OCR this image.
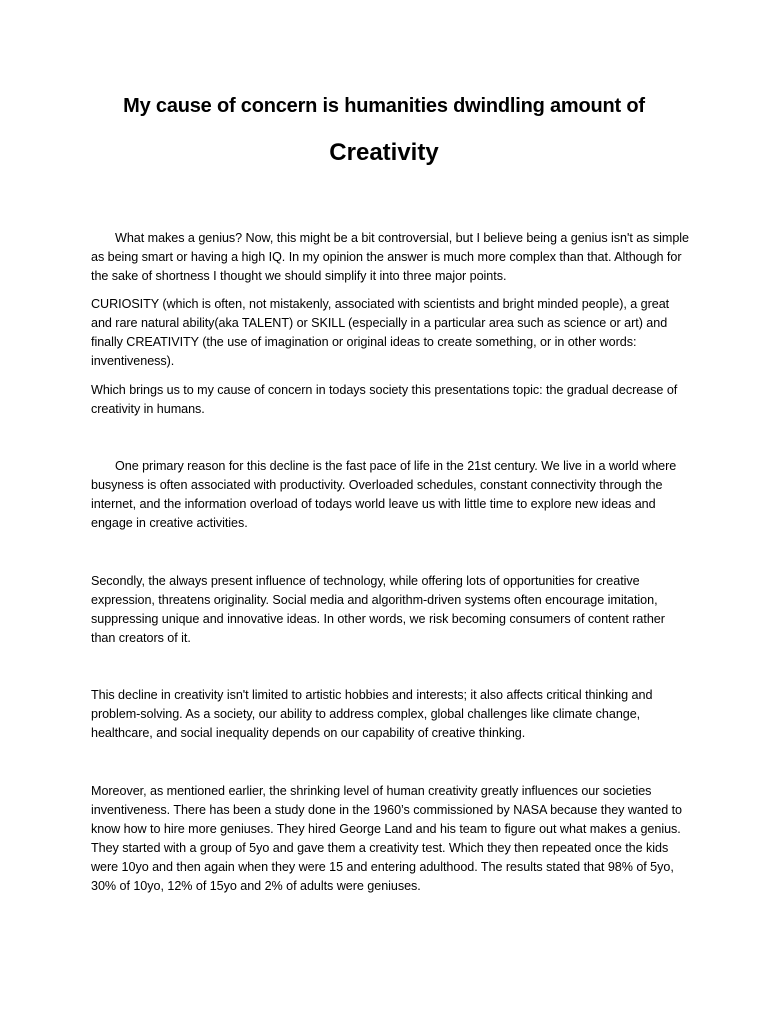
My cause of concern is humanities dwindling amount of
Creativity

What makes a genius? Now, this might be a bit controversial, but I believe being a genius isn't as simple as being smart or having a high IQ. In my opinion the answer is much more complex than that. Although for the sake of shortness I thought we should simplify it into three major points.

CURIOSITY (which is often, not mistakenly, associated with scientists and bright minded people), a great and rare natural ability(aka TALENT) or SKILL (especially in a particular area such as science or art) and finally CREATIVITY (the use of imagination or original ideas to create something, or in other words: inventiveness).

Which brings us to my cause of concern in todays society this presentations topic: the gradual decrease of creativity in humans.

One primary reason for this decline is the fast pace of life in the 21st century. We live in a world where busyness is often associated with productivity. Overloaded schedules, constant connectivity through the internet, and the information overload of todays world leave us with little time to explore new ideas and engage in creative activities.

Secondly, the always present influence of technology, while offering lots of opportunities for creative expression, threatens originality. Social media and algorithm-driven systems often encourage imitation, suppressing unique and innovative ideas. In other words, we risk becoming consumers of content rather than creators of it.

This decline in creativity isn't limited to artistic hobbies and interests; it also affects critical thinking and problem-solving. As a society, our ability to address complex, global challenges like climate change, healthcare, and social inequality depends on our capability of creative thinking.

Moreover, as mentioned earlier, the shrinking level of human creativity greatly influences our societies inventiveness. There has been a study done in the 1960’s commissioned by NASA because they wanted to know how to hire more geniuses. They hired George Land and his team to figure out what makes a genius. They started with a group of 5yo and gave them a creativity test. Which they then repeated once the kids were 10yo and then again when they were 15 and entering adulthood. The results stated that 98% of 5yo, 30% of 10yo, 12% of 15yo and 2% of adults were geniuses.
